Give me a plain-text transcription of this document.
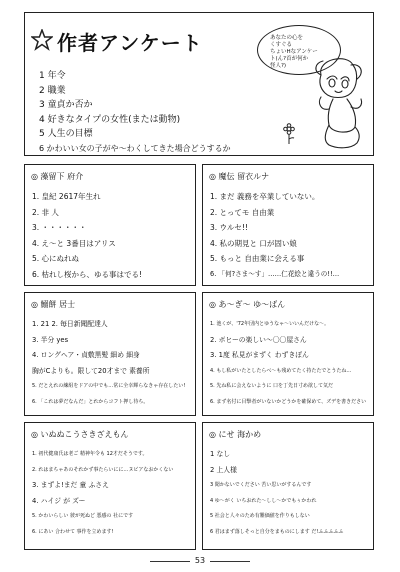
作者アンケート	あなたの心を
くすぐる
ちょいHなアンケー
ト(ん?首が何か
怪人?)
1 年令
2 職業
3 童貞か否か
4 好きなタイプの女性(または動物)
5 人生の目標
6 かわいい女の子がや〜わくしてきた場合どうするか
◎ 藻留下 府介
1. 皇紀 2617年生れ
2. 非 人
3. ・・・・・・
4. え〜と 3番目はアリス
5. 心にぬれぬ
6. 枯れし桜から、ゆる事はでる!
◎ 魔伝 留衣ルナ
1. まだ 義務を卒業していない。
2. とってモ 自由業
3. ウルセ!!
4. 私の期見と 口が固い娘
5. もっと 自由業に会える事
6. 「何?さま〜す」……仁花絵と違うの!!…
◎ 鰯餅 居士
1. 21 2. 毎日新聞配達人
3. 半分 yes
4. ロングヘア・貞敷黒髪 細め 細身
胸がCよりも。限して20才まで 素養所
5. だとえれの練組をドアの中でも…常に全幸輝らなきゃ存在したい!
6. 「これは夢だなんだ」とれからコフト押し待ち。
◎ あ〜ぎ〜 ゆ〜ばん
1. 池くが、'72年団内とゆうなゃ〜いいんだけな〜。
2. ボヒーの楽しい〜〇〇屋さん
3. 1度 私見がまずく わずきぼん
4. もし私がいたとしたらべ〜も残めてたく持たたでとうたね…
5. 先ね私に会えないように 口を丁先日寸め欲して気だ
6. まず名付に目撃者がいないかどうかを確保めて、ズデを書きださい
◎ いぬぬこうさきざえもん
1. 初代健康氏は老ご 精神年令も 12才だそうです。
2. れはまちゃあのそれかず事たらいにに…ヌビアなおかくない
3. まずよ!まだ 童 ふさえ
4. ハイジ が ズー
5. かわいらしい 彼が死ぬど 悪感の 社にです
6. にあい 合わせて 事作を立めます!
◎ にせ 海かめ
1 なし
2 上人様
3 聞かないでください 苦い思いがするんです
4 ゆ〜がく いちおれた〜しし〜かでもぅかわれ
5 社会と人々のため有難価値を作りもしない
6 君はまず落しそっと自分をまものにします だ!ふふふふふ
53
